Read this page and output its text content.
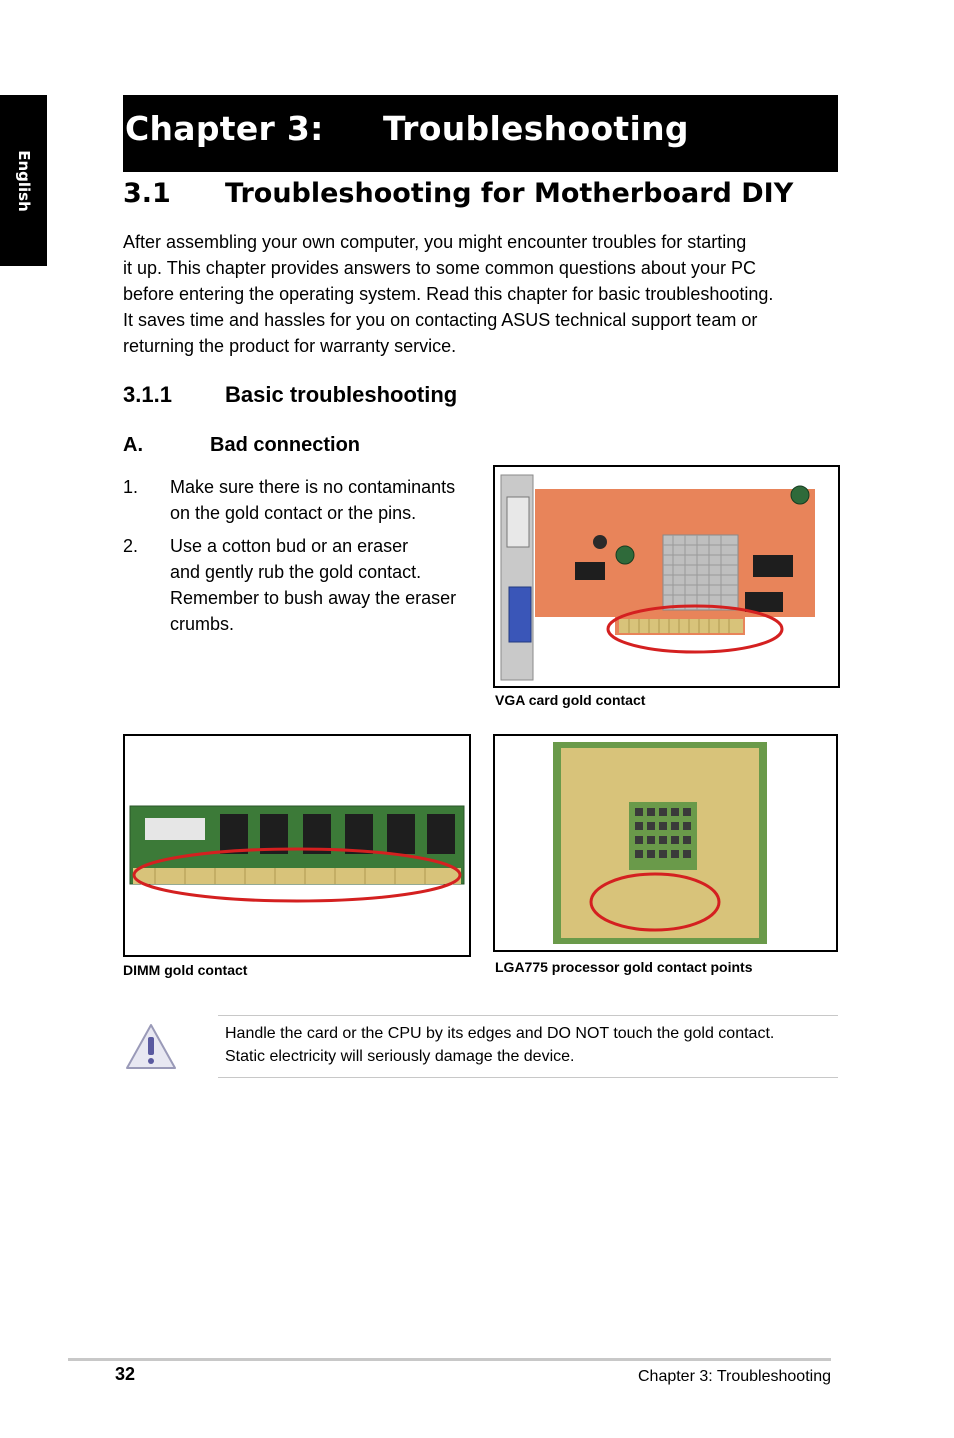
English
Chapter 3: Troubleshooting
3.1 Troubleshooting for Motherboard DIY
After assembling your own computer, you might encounter troubles for starting
it up. This chapter provides answers to some common questions about your PC
before entering the operating system. Read this chapter for basic troubleshooting.
It saves time and hassles for you on contacting ASUS technical support team or
returning the product for warranty service.
3.1.1 Basic troubleshooting
A.	Bad connection
1. Make sure there is no contaminants
on the gold contact or the pins.
2. Use a cotton bud or an eraser
and gently rub the gold contact.
Remember to bush away the eraser
crumbs.
VGA card gold contact
DIMM gold contact	LGA775 processor gold contact points
Handle the card or the CPU by its edges and DO NOT touch the gold contact.
Static electricity will seriously damage the device.
32	Chapter 3: Troubleshooting
